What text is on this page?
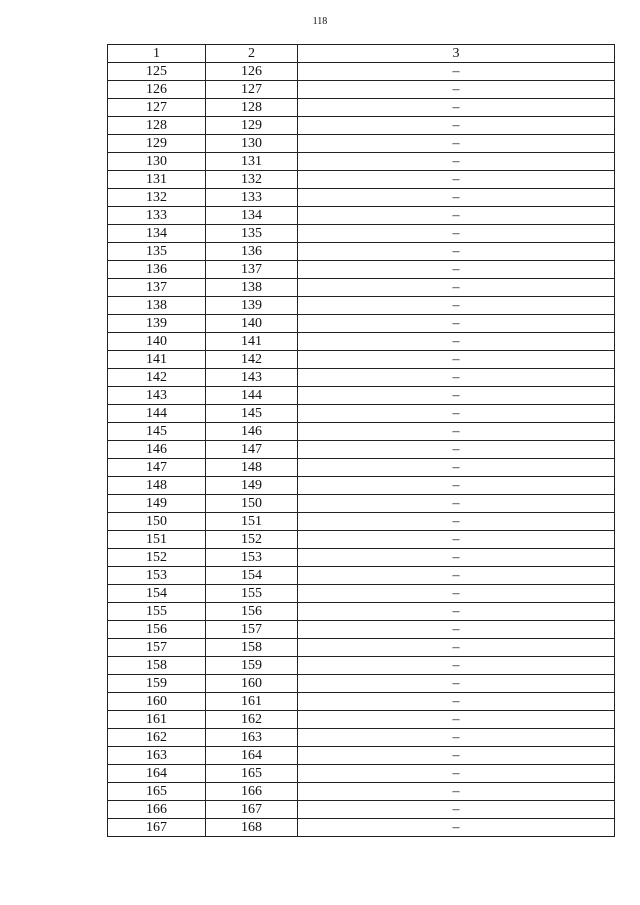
118
1	2	3
125	126	–
126	127	–
127	128	–
128	129	–
129	130	–
130	131	–
131	132	–
132	133	–
133	134	–
134	135	–
135	136	–
136	137	–
137	138	–
138	139	–
139	140	–
140	141	–
141	142	–
142	143	–
143	144	–
144	145	–
145	146	–
146	147	–
147	148	–
148	149	–
149	150	–
150	151	–
151	152	–
152	153	–
153	154	–
154	155	–
155	156	–
156	157	–
157	158	–
158	159	–
159	160	–
160	161	–
161	162	–
162	163	–
163	164	–
164	165	–
165	166	–
166	167	–
167	168	–
